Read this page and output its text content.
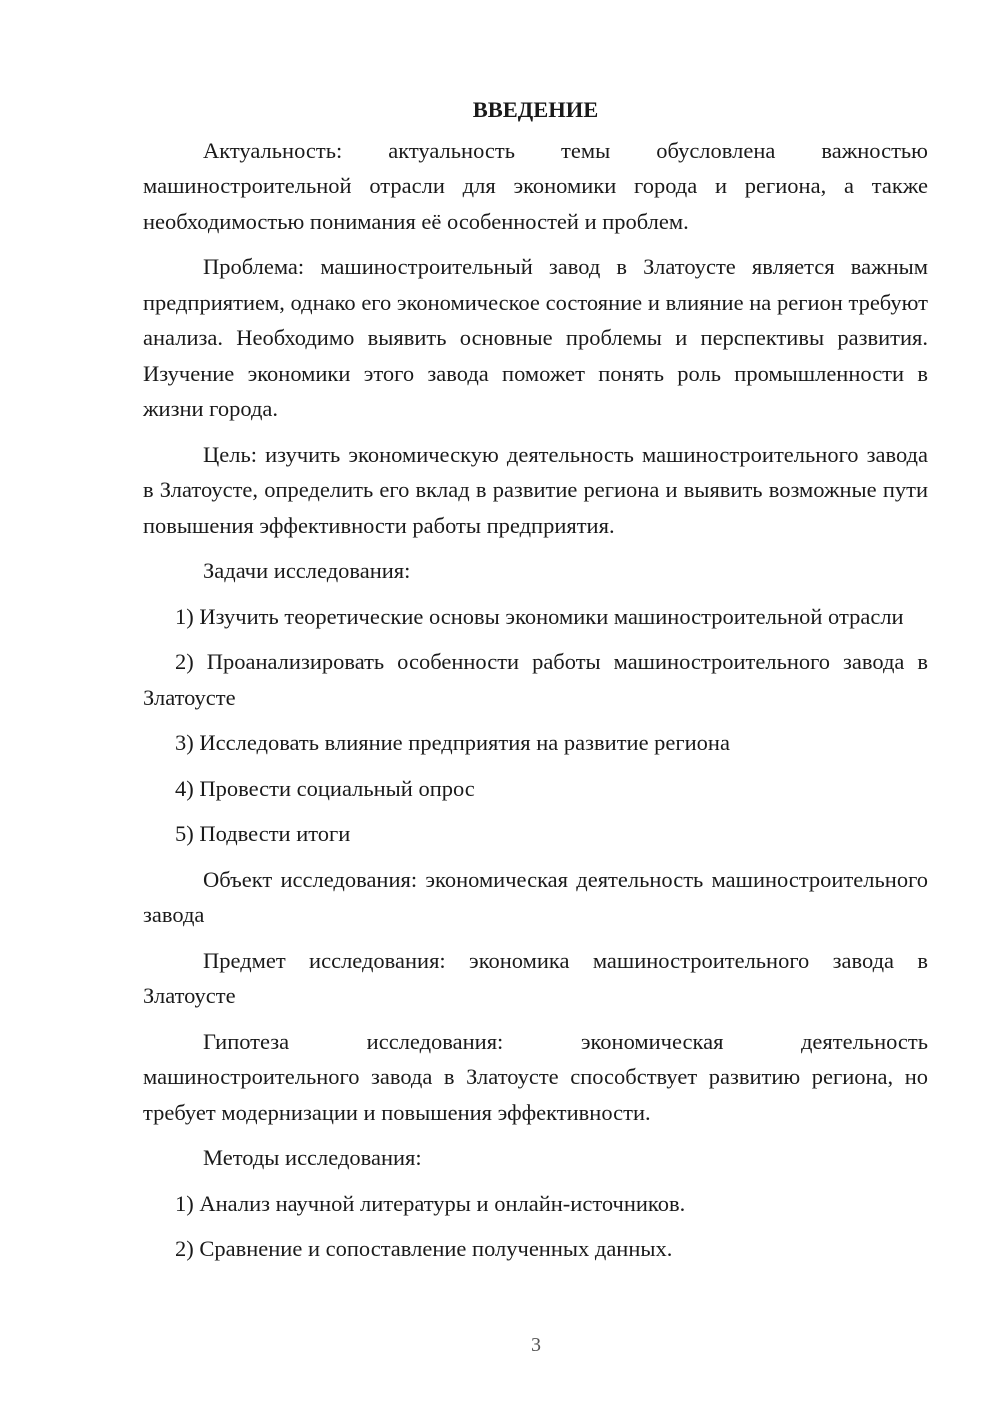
ВВЕДЕНИЕ

Актуальность: актуальность темы обусловлена важностью машиностроительной отрасли для экономики города и региона, а также необходимостью понимания её особенностей и проблем.

Проблема: машиностроительный завод в Златоусте является важным предприятием, однако его экономическое состояние и влияние на регион требуют анализа. Необходимо выявить основные проблемы и перспективы развития. Изучение экономики этого завода поможет понять роль промышленности в жизни города.

Цель: изучить экономическую деятельность машиностроительного завода в Златоусте, определить его вклад в развитие региона и выявить возможные пути повышения эффективности работы предприятия.

Задачи исследования:

1) Изучить теоретические основы экономики машиностроительной отрасли

2) Проанализировать особенности работы машиностроительного завода в Златоусте

3) Исследовать влияние предприятия на развитие региона

4) Провести социальный опрос

5) Подвести итоги

Объект исследования: экономическая деятельность машиностроительного завода

Предмет исследования: экономика машиностроительного завода в Златоусте

Гипотеза исследования: экономическая деятельность машиностроительного завода в Златоусте способствует развитию региона, но требует модернизации и повышения эффективности.

Методы исследования:

1) Анализ научной литературы и онлайн-источников.

2) Сравнение и сопоставление полученных данных.

3
